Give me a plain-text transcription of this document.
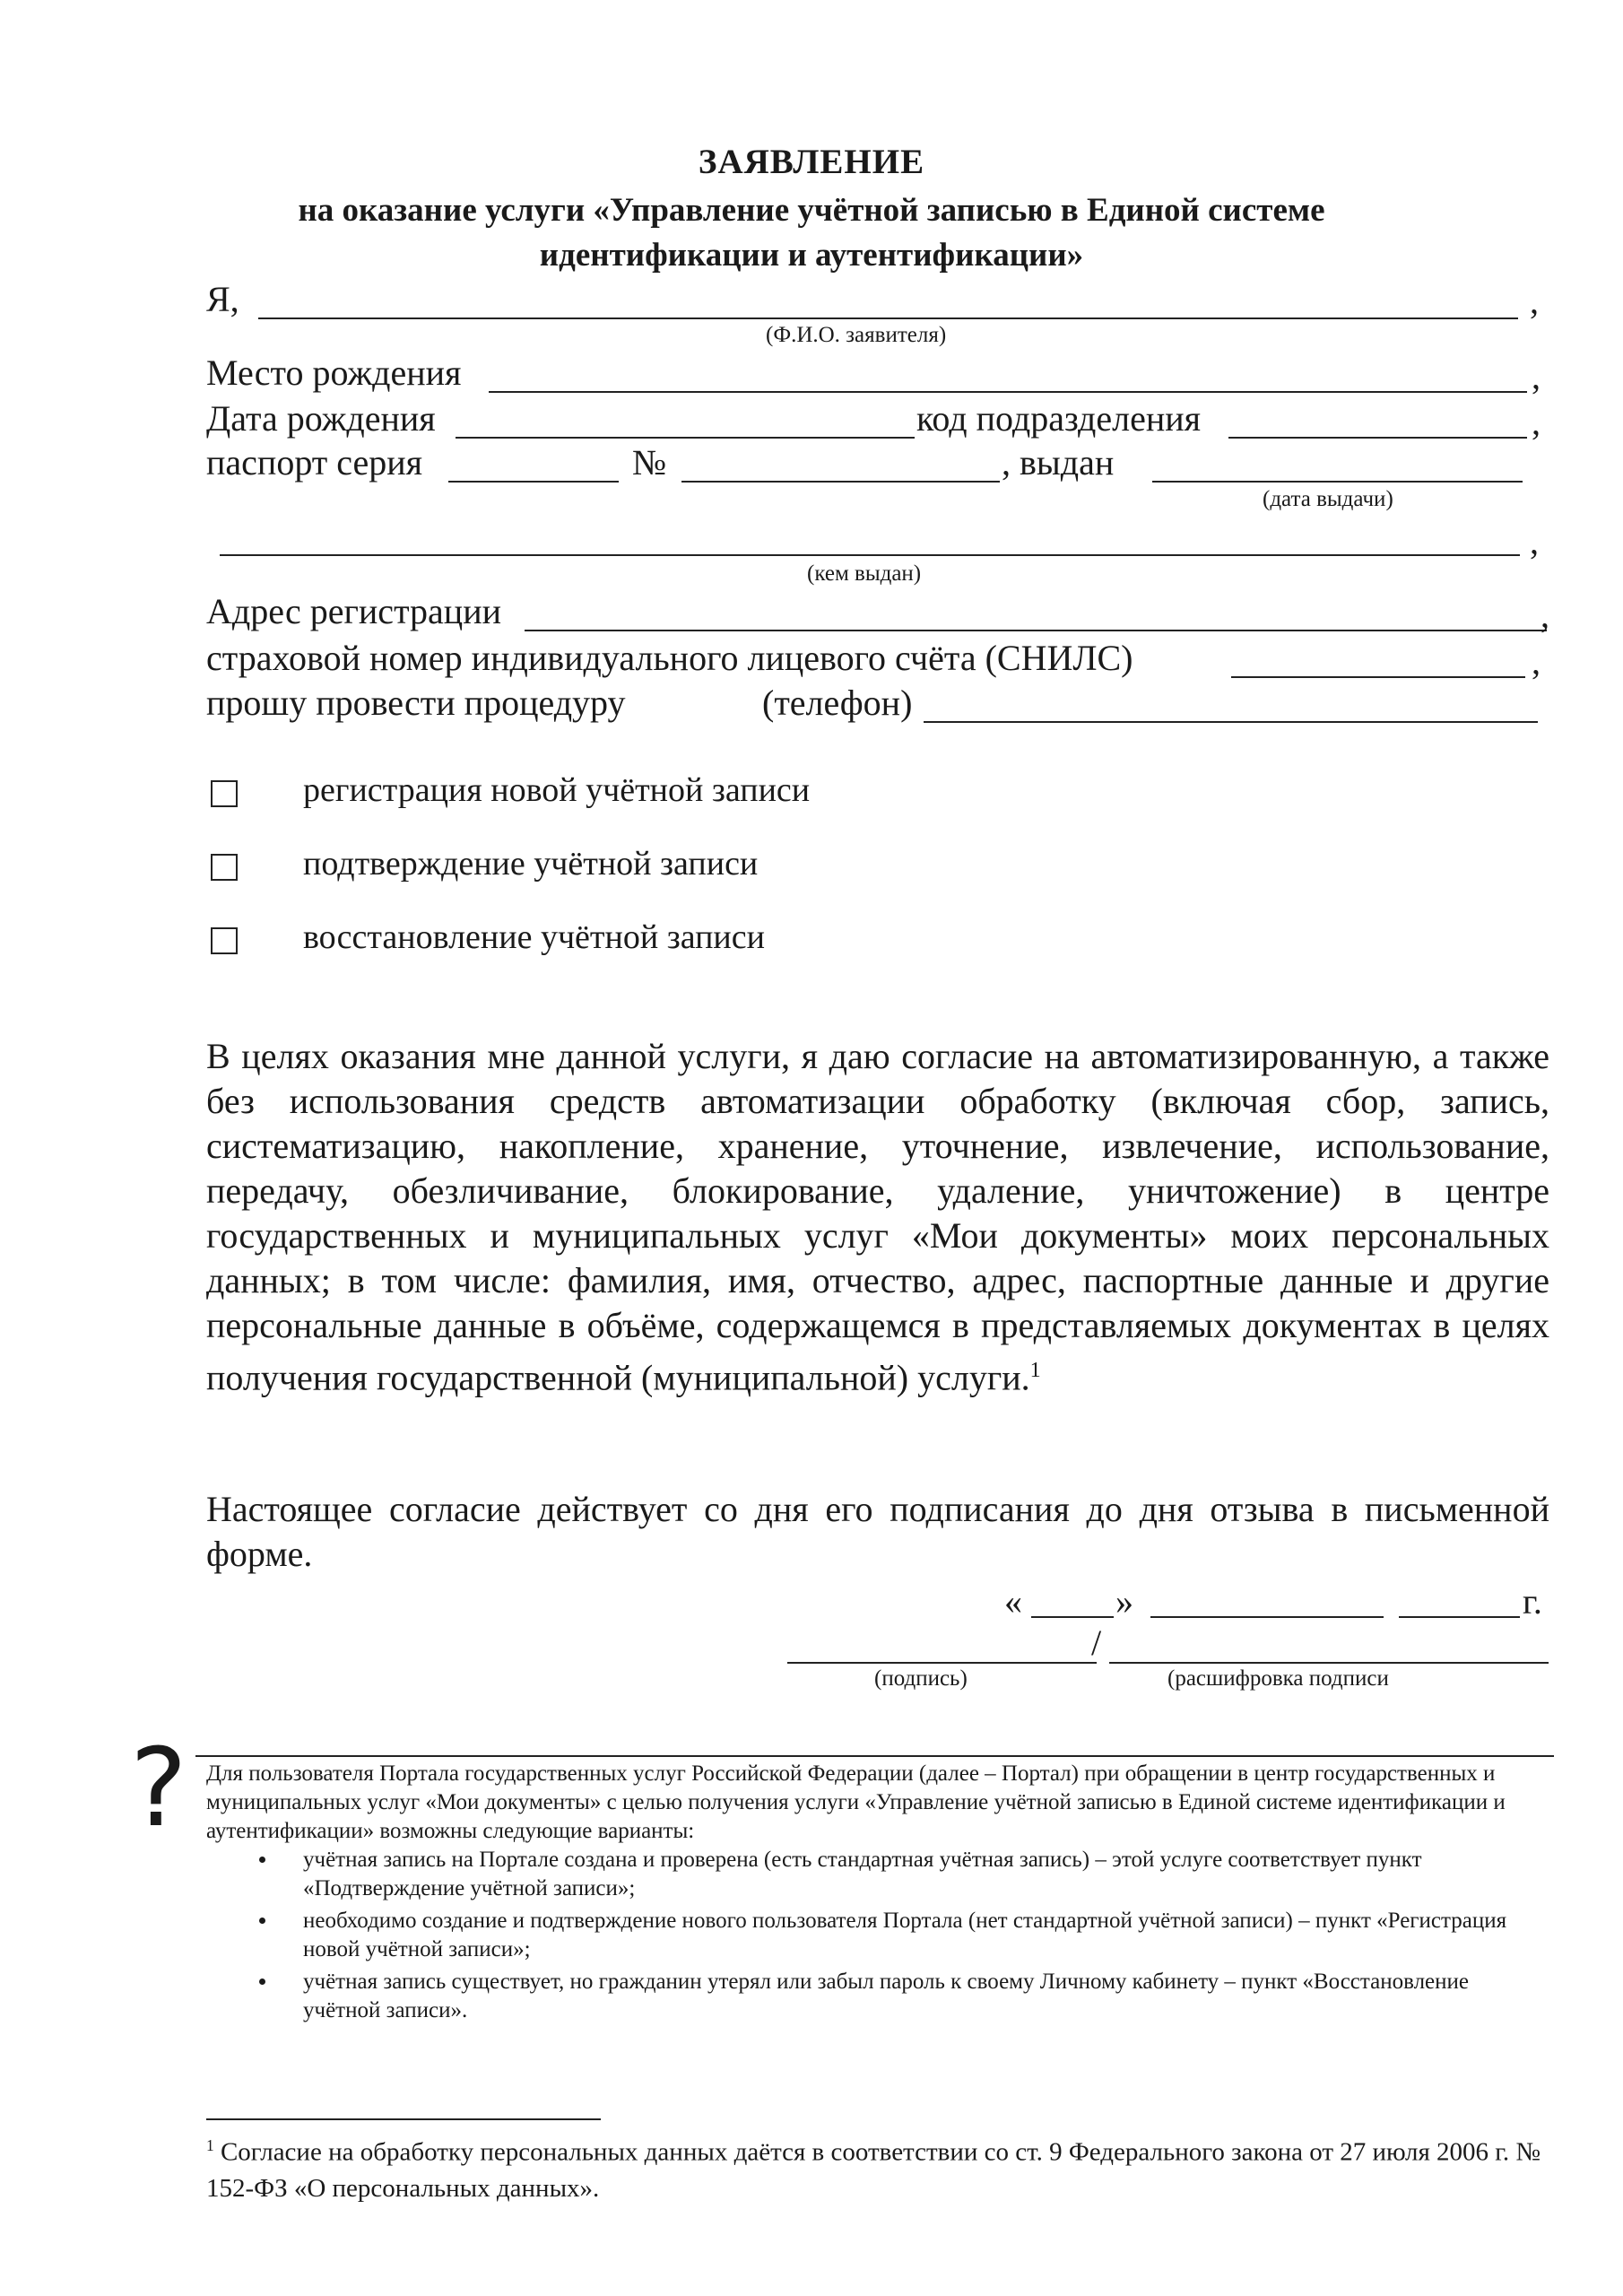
ЗАЯВЛЕНИЕ
на оказание услуги «Управление учётной записью в Единой системе идентификации и аутентификации»
Я,	,
(Ф.И.О. заявителя)
Место рождения	,
Дата рождения	код подразделения	,
паспорт серия	№	, выдан
(дата выдачи)
,
(кем выдан)
Адрес регистрации	,
страховой номер индивидуального лицевого счёта (СНИЛС)	,
прошу провести процедуру	(телефон)
регистрация новой учётной записи
подтверждение учётной записи
восстановление учётной записи
В целях оказания мне данной услуги, я даю согласие на автоматизированную, а также без использования средств автоматизации обработку (включая сбор, запись, систематизацию, накопление, хранение, уточнение, извлечение, использование, передачу, обезличивание, блокирование, удаление, уничтожение) в центре государственных и муниципальных услуг «Мои документы» моих персональных данных; в том числе: фамилия, имя, отчество, адрес, паспортные данные и другие персональные данные в объёме, содержащемся в представляемых документах в целях получения государственной (муниципальной) услуги.$^1$
Настоящее согласие действует со дня его подписания до дня отзыва в письменной форме.
«	»	г.
/
(подпись)	(расшифровка подписи
? Для пользователя Портала государственных услуг Российской Федерации (далее – Портал) при обращении в центр государственных и муниципальных услуг «Мои документы» с целью получения услуги «Управление учётной записью в Единой системе идентификации и аутентификации» возможны следующие варианты:
• учётная запись на Портале создана и проверена (есть стандартная учётная запись) – этой услуге соответствует пункт «Подтверждение учётной записи»;
• необходимо создание и подтверждение нового пользователя Портала (нет стандартной учётной записи) – пункт «Регистрация новой учётной записи»;
• учётная запись существует, но гражданин утерял или забыл пароль к своему Личному кабинету – пункт «Восстановление учётной записи».
$^1$ Согласие на обработку персональных данных даётся в соответствии со ст. 9 Федерального закона от 27 июля 2006 г. № 152-ФЗ «О персональных данных».
